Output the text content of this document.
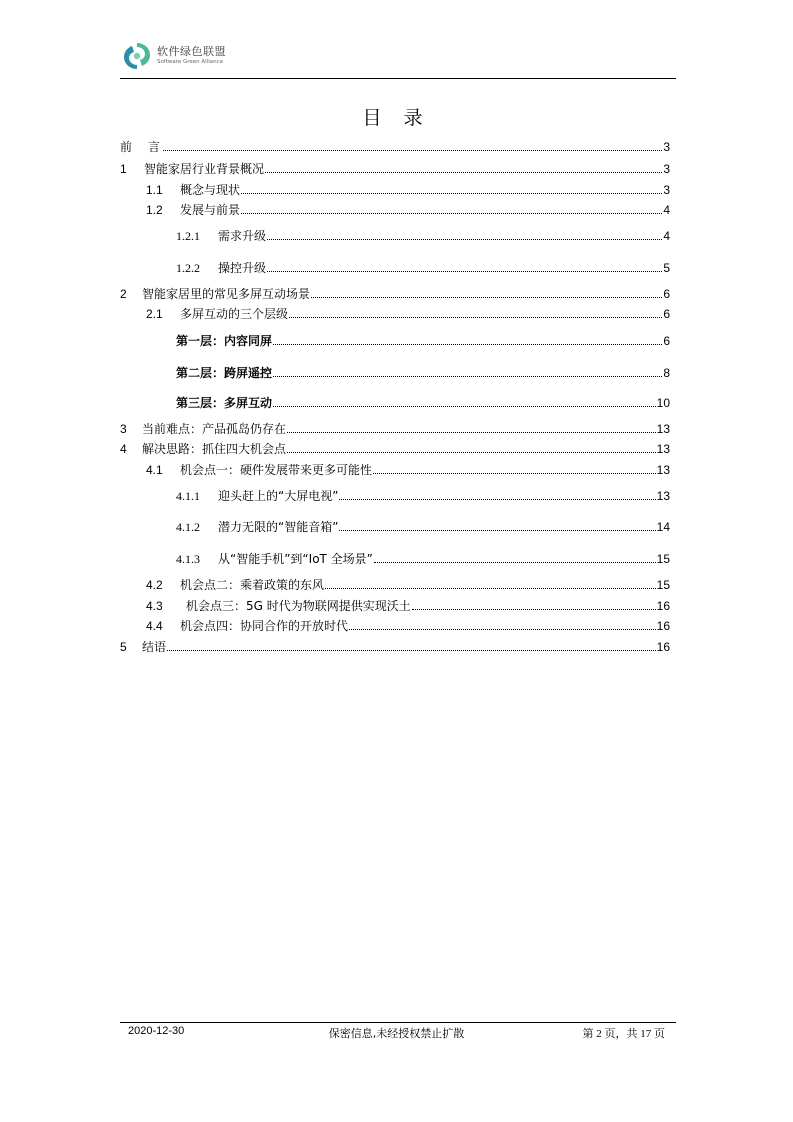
软件绿色联盟
Software Green Alliance
目 录
前　言	3
1	智能家居行业背景概况	3
1.1	概念与现状	3
1.2	发展与前景	4
1.2.1	需求升级	4
1.2.2	操控升级	5
2	智能家居里的常见多屏互动场景	6
2.1	多屏互动的三个层级	6
第一层：内容同屏	6
第二层：跨屏遥控	8
第三层：多屏互动	10
3	当前难点：产品孤岛仍存在	13
4	解决思路：抓住四大机会点	13
4.1	机会点一：硬件发展带来更多可能性	13
4.1.1	迎头赶上的“大屏电视”	13
4.1.2	潜力无限的“智能音箱”	14
4.1.3	从“智能手机”到“IoT 全场景”	15
4.2	机会点二：乘着政策的东风	15
4.3	机会点三：5G 时代为物联网提供实现沃土	16
4.4	机会点四：协同合作的开放时代	16
5	结语	16
2020-12-30	保密信息,未经授权禁止扩散	第 2 页，共 17 页
